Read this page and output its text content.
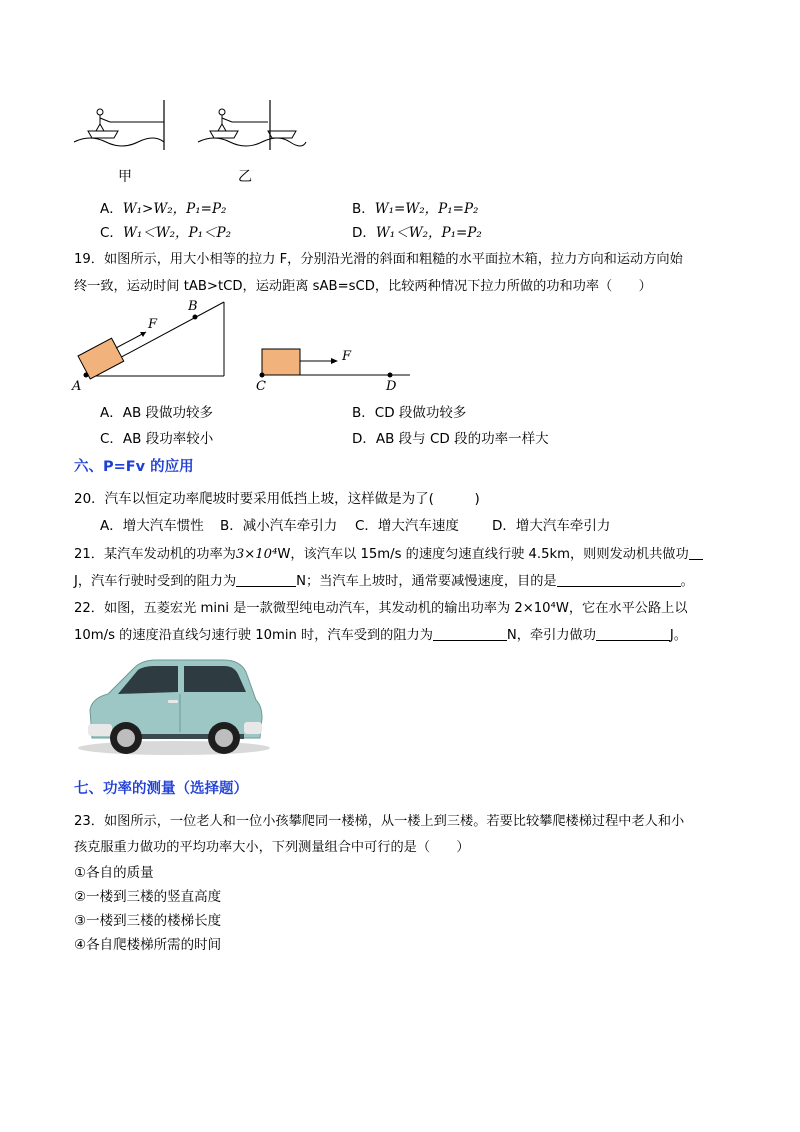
甲	乙
A．W₁>W₂，P₁=P₂	B．W₁=W₂，P₁=P₂
C．W₁＜W₂，P₁＜P₂	D．W₁＜W₂，P₁=P₂
19．如图所示，用大小相等的拉力 F，分别沿光滑的斜面和粗糙的水平面拉木箱，拉力方向和运动方向始
终一致，运动时间 tAB>tCD，运动距离 sAB=sCD，比较两种情况下拉力所做的功和功率（　　）
F
A
B
F
C	D
A．AB 段做功较多	B．CD 段做功较多
C．AB 段功率较小	D．AB 段与 CD 段的功率一样大
六、P=Fv 的应用
20．汽车以恒定功率爬坡时要采用低挡上坡，这样做是为了(　　　)
A．增大汽车惯性 B．减小汽车牵引力 C．增大汽车速度 D．增大汽车牵引力
21．某汽车发动机的功率为3×10⁴W，该汽车以 15m/s 的速度匀速直线行驶 4.5km，则则发动机共做功
J，汽车行驶时受到的阻力为	N；当汽车上坡时，通常要减慢速度，目的是	。
22．如图，五菱宏光 mini 是一款微型纯电动汽车，其发动机的输出功率为 2×10⁴W，它在水平公路上以
10m/s 的速度沿直线匀速行驶 10min 时，汽车受到的阻力为	N，牵引力做功	J。
七、功率的测量（选择题）
23．如图所示，一位老人和一位小孩攀爬同一楼梯，从一楼上到三楼。若要比较攀爬楼梯过程中老人和小
孩克服重力做功的平均功率大小，下列测量组合中可行的是（　　）
①各自的质量
②一楼到三楼的竖直高度
③一楼到三楼的楼梯长度
④各自爬楼梯所需的时间
